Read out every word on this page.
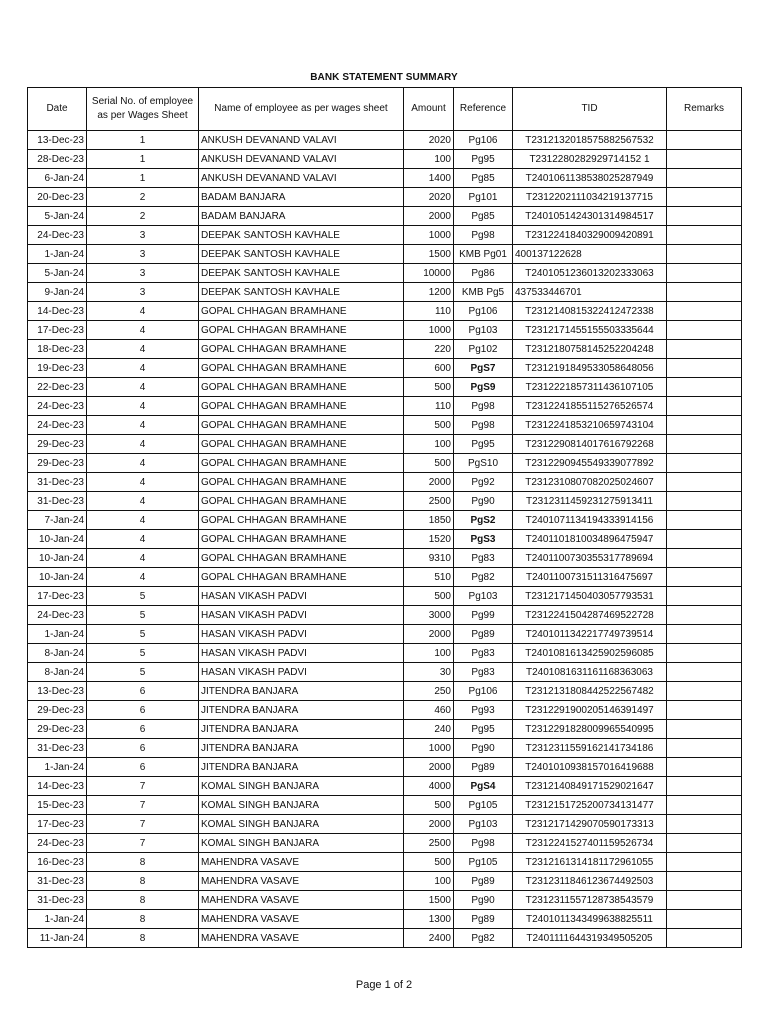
BANK STATEMENT SUMMARY
Date	Serial No. of employee as per Wages Sheet	Name of employee as per wages sheet	Amount	Reference	TID	Remarks
13-Dec-23	1	ANKUSH DEVANAND VALAVI	2020	Pg106	T2312132018575882567532	
28-Dec-23	1	ANKUSH DEVANAND VALAVI	100	Pg95	T2312280282929714152 1	
6-Jan-24	1	ANKUSH DEVANAND VALAVI	1400	Pg85	T2401061138538025287949	
20-Dec-23	2	BADAM BANJARA	2020	Pg101	T2312202111034219137715	
5-Jan-24	2	BADAM BANJARA	2000	Pg85	T2401051424301314984517	
24-Dec-23	3	DEEPAK SANTOSH KAVHALE	1000	Pg98	T2312241840329009420891	
1-Jan-24	3	DEEPAK SANTOSH KAVHALE	1500	KMB Pg01	400137122628	
5-Jan-24	3	DEEPAK SANTOSH KAVHALE	10000	Pg86	T2401051236013202333063	
9-Jan-24	3	DEEPAK SANTOSH KAVHALE	1200	KMB Pg5	437533446701	
14-Dec-23	4	GOPAL CHHAGAN BRAMHANE	110	Pg106	T2312140815322412472338	
17-Dec-23	4	GOPAL CHHAGAN BRAMHANE	1000	Pg103	T2312171455155503335644	
18-Dec-23	4	GOPAL CHHAGAN BRAMHANE	220	Pg102	T2312180758145252204248	
19-Dec-23	4	GOPAL CHHAGAN BRAMHANE	600	PgS7	T2312191849533058648056	
22-Dec-23	4	GOPAL CHHAGAN BRAMHANE	500	PgS9	T2312221857311436107105	
24-Dec-23	4	GOPAL CHHAGAN BRAMHANE	110	Pg98	T2312241855115276526574	
24-Dec-23	4	GOPAL CHHAGAN BRAMHANE	500	Pg98	T2312241853210659743104	
29-Dec-23	4	GOPAL CHHAGAN BRAMHANE	100	Pg95	T2312290814017616792268	
29-Dec-23	4	GOPAL CHHAGAN BRAMHANE	500	PgS10	T2312290945549339077892	
31-Dec-23	4	GOPAL CHHAGAN BRAMHANE	2000	Pg92	T2312310807082025024607	
31-Dec-23	4	GOPAL CHHAGAN BRAMHANE	2500	Pg90	T2312311459231275913411	
7-Jan-24	4	GOPAL CHHAGAN BRAMHANE	1850	PgS2	T2401071134194333914156	
10-Jan-24	4	GOPAL CHHAGAN BRAMHANE	1520	PgS3	T2401101810034896475947	
10-Jan-24	4	GOPAL CHHAGAN BRAMHANE	9310	Pg83	T2401100730355317789694	
10-Jan-24	4	GOPAL CHHAGAN BRAMHANE	510	Pg82	T2401100731511316475697	
17-Dec-23	5	HASAN VIKASH PADVI	500	Pg103	T2312171450403057793531	
24-Dec-23	5	HASAN VIKASH PADVI	3000	Pg99	T2312241504287469522728	
1-Jan-24	5	HASAN VIKASH PADVI	2000	Pg89	T2401011342217749739514	
8-Jan-24	5	HASAN VIKASH PADVI	100	Pg83	T2401081613425902596085	
8-Jan-24	5	HASAN VIKASH PADVI	30	Pg83	T2401081631161168363063	
13-Dec-23	6	JITENDRA BANJARA	250	Pg106	T2312131808442522567482	
29-Dec-23	6	JITENDRA BANJARA	460	Pg93	T2312291900205146391497	
29-Dec-23	6	JITENDRA BANJARA	240	Pg95	T2312291828009965540995	
31-Dec-23	6	JITENDRA BANJARA	1000	Pg90	T2312311559162141734186	
1-Jan-24	6	JITENDRA BANJARA	2000	Pg89	T2401010938157016419688	
14-Dec-23	7	KOMAL SINGH BANJARA	4000	PgS4	T2312140849171529021647	
15-Dec-23	7	KOMAL SINGH BANJARA	500	Pg105	T2312151725200734131477	
17-Dec-23	7	KOMAL SINGH BANJARA	2000	Pg103	T2312171429070590173313	
24-Dec-23	7	KOMAL SINGH BANJARA	2500	Pg98	T2312241527401159526734	
16-Dec-23	8	MAHENDRA VASAVE	500	Pg105	T2312161314181172961055	
31-Dec-23	8	MAHENDRA VASAVE	100	Pg89	T2312311846123674492503	
31-Dec-23	8	MAHENDRA VASAVE	1500	Pg90	T2312311557128738543579	
1-Jan-24	8	MAHENDRA VASAVE	1300	Pg89	T2401011343499638825511	
11-Jan-24	8	MAHENDRA VASAVE	2400	Pg82	T2401111644319349505205	
Page 1 of 2
